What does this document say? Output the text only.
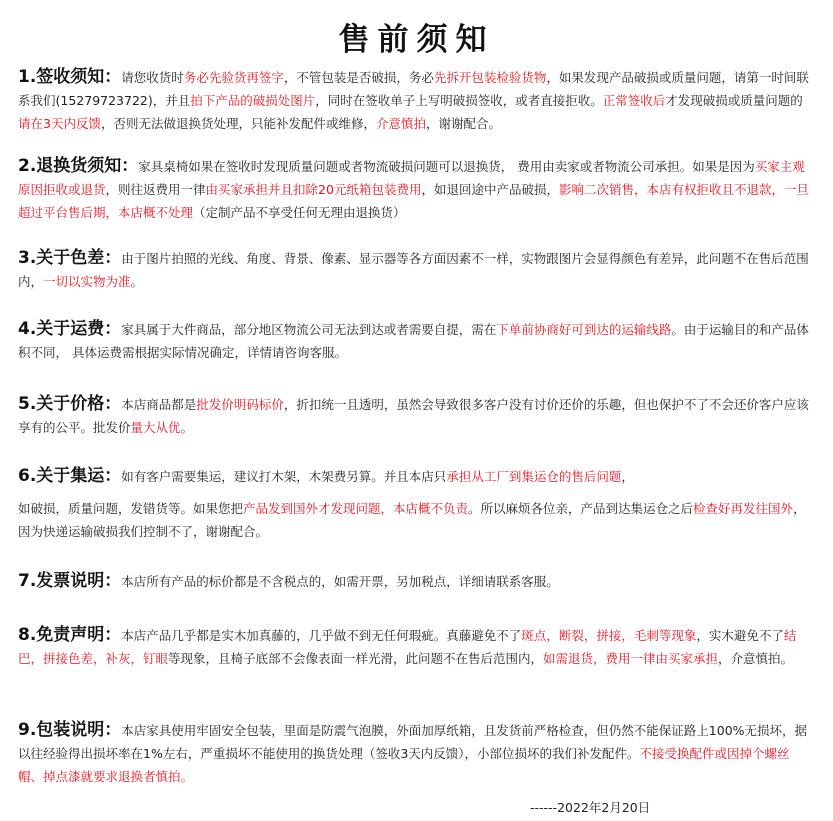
售前须知
1.签收须知：请您收货时务必先验货再签字，不管包装是否破损，务必先拆开包装检验货物，如果发现产品破损或质量问题，请第一时间联系我们(15279723722)，并且拍下产品的破损处图片，同时在签收单子上写明破损签收，或者直接拒收。正常签收后才发现破损或质量问题的请在3天内反馈，否则无法做退换货处理，只能补发配件或维修，介意慎拍，谢谢配合。
2.退换货须知：家具桌椅如果在签收时发现质量问题或者物流破损问题可以退换货， 费用由卖家或者物流公司承担。如果是因为买家主观原因拒收或退货，则往返费用一律由买家承担并且扣除20元纸箱包装费用，如退回途中产品破损，影响二次销售，本店有权拒收且不退款，一旦超过平台售后期，本店概不处理（定制产品不享受任何无理由退换货）
3.关于色差：由于图片拍照的光线、角度、背景、像素、显示器等各方面因素不一样，实物跟图片会显得颜色有差异，此问题不在售后范围内，一切以实物为准。
4.关于运费：家具属于大件商品，部分地区物流公司无法到达或者需要自提，需在下单前协商好可到达的运输线路。由于运输目的和产品体积不同， 具体运费需根据实际情况确定，详情请咨询客服。
5.关于价格：本店商品都是批发价明码标价，折扣统一且透明，虽然会导致很多客户没有讨价还价的乐趣，但也保护不了不会还价客户应该享有的公平。批发价量大从优。
6.关于集运：如有客户需要集运，建议打木架，木架费另算。并且本店只承担从工厂到集运仓的售后问题，
如破损，质量问题，发错货等。如果您把产品发到国外才发现问题，本店概不负责。所以麻烦各位亲，产品到达集运仓之后检查好再发往国外，因为快递运输破损我们控制不了，谢谢配合。
7.发票说明：本店所有产品的标价都是不含税点的，如需开票，另加税点，详细请联系客服。
8.免责声明：本店产品几乎都是实木加真藤的，几乎做不到无任何瑕疵。真藤避免不了斑点，断裂，拼接，毛刺等现象，实木避免不了结巴，拼接色差，补灰，钉眼等现象，且椅子底部不会像表面一样光滑，此问题不在售后范围内，如需退货，费用一律由买家承担，介意慎拍。
9.包装说明：本店家具使用牢固安全包装，里面是防震气泡膜，外面加厚纸箱，且发货前严格检查，但仍然不能保证路上100%无损坏，据以往经验得出损坏率在1%左右，严重损坏不能使用的换货处理（签收3天内反馈），小部位损坏的我们补发配件。不接受换配件或因掉个螺丝帽、掉点漆就要求退换者慎拍。
------2022年2月20日
